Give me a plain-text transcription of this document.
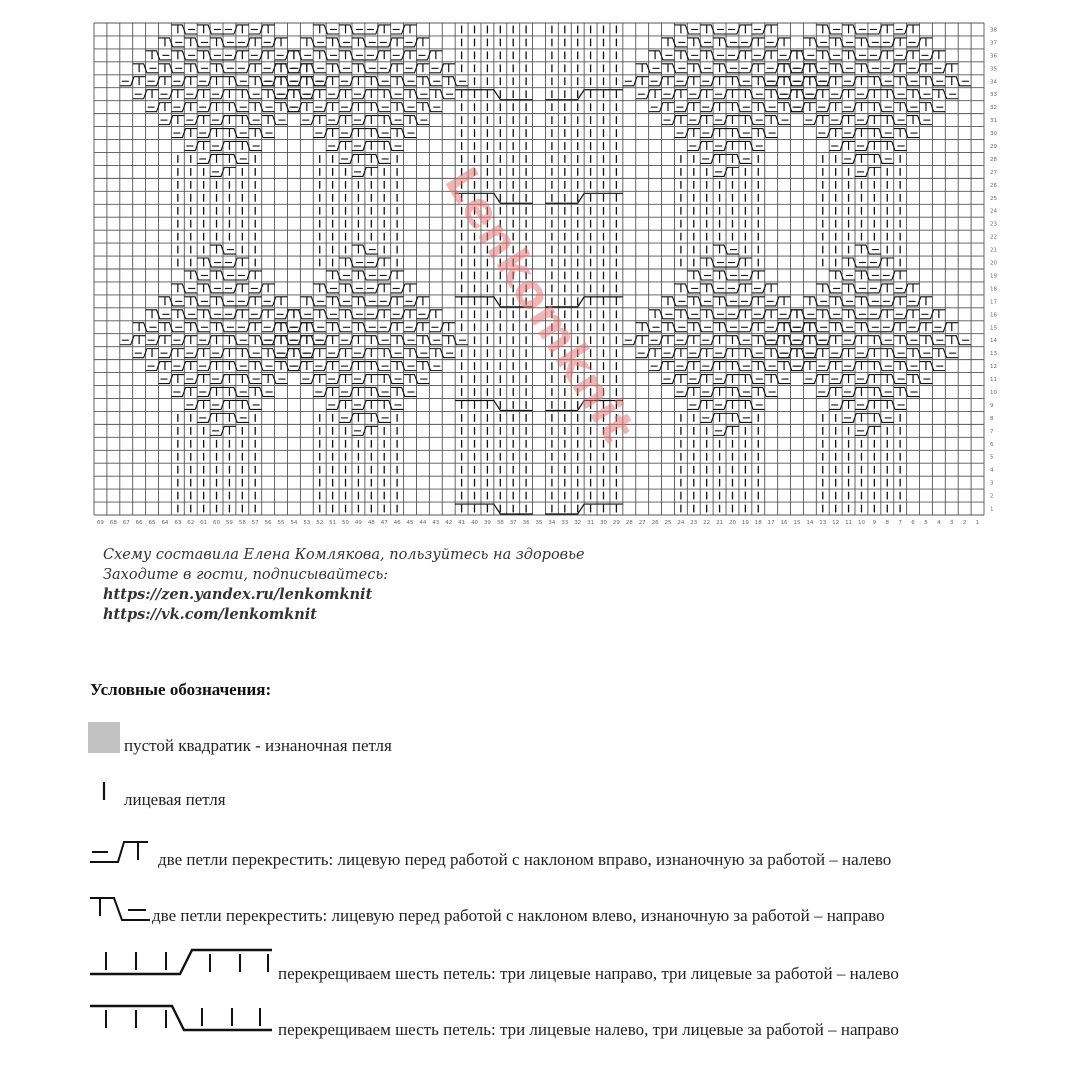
69 68 67 66 65 64 63 62 61 60 59 58 57 56 55 54 53 52 51 50 49 48 47 46 45 44 43 42 41 40 39 38 37 36 35 34 33 32 31 30 29 28 27 26 25 24 23 22 21 20 19 18 17 16 15 14 13 12 11 10 9 8 7 6 5 4 3 2 1
38
37
36
35
34
33
32
31
30
29
28
27
26
25
24
23
22
21
20
19
18
17
16
15
14
13
12
11
10
9
8
7
6
5
4
3
2
1
Lenkomknit
Схему составила Елена Комлякова, пользуйтесь на здоровье
Заходите в гости, подписывайтесь:
https://zen.yandex.ru/lenkomknit
https://vk.com/lenkomknit
Условные обозначения:
пустой квадратик - изнаночная петля
лицевая петля
две петли перекрестить: лицевую перед работой с наклоном вправо, изнаночную за работой – налево
две петли перекрестить: лицевую перед работой с наклоном влево, изнаночную за работой – направо
перекрещиваем шесть петель: три лицевые направо, три лицевые за работой – налево
перекрещиваем шесть петель: три лицевые налево, три лицевые за работой – направо
